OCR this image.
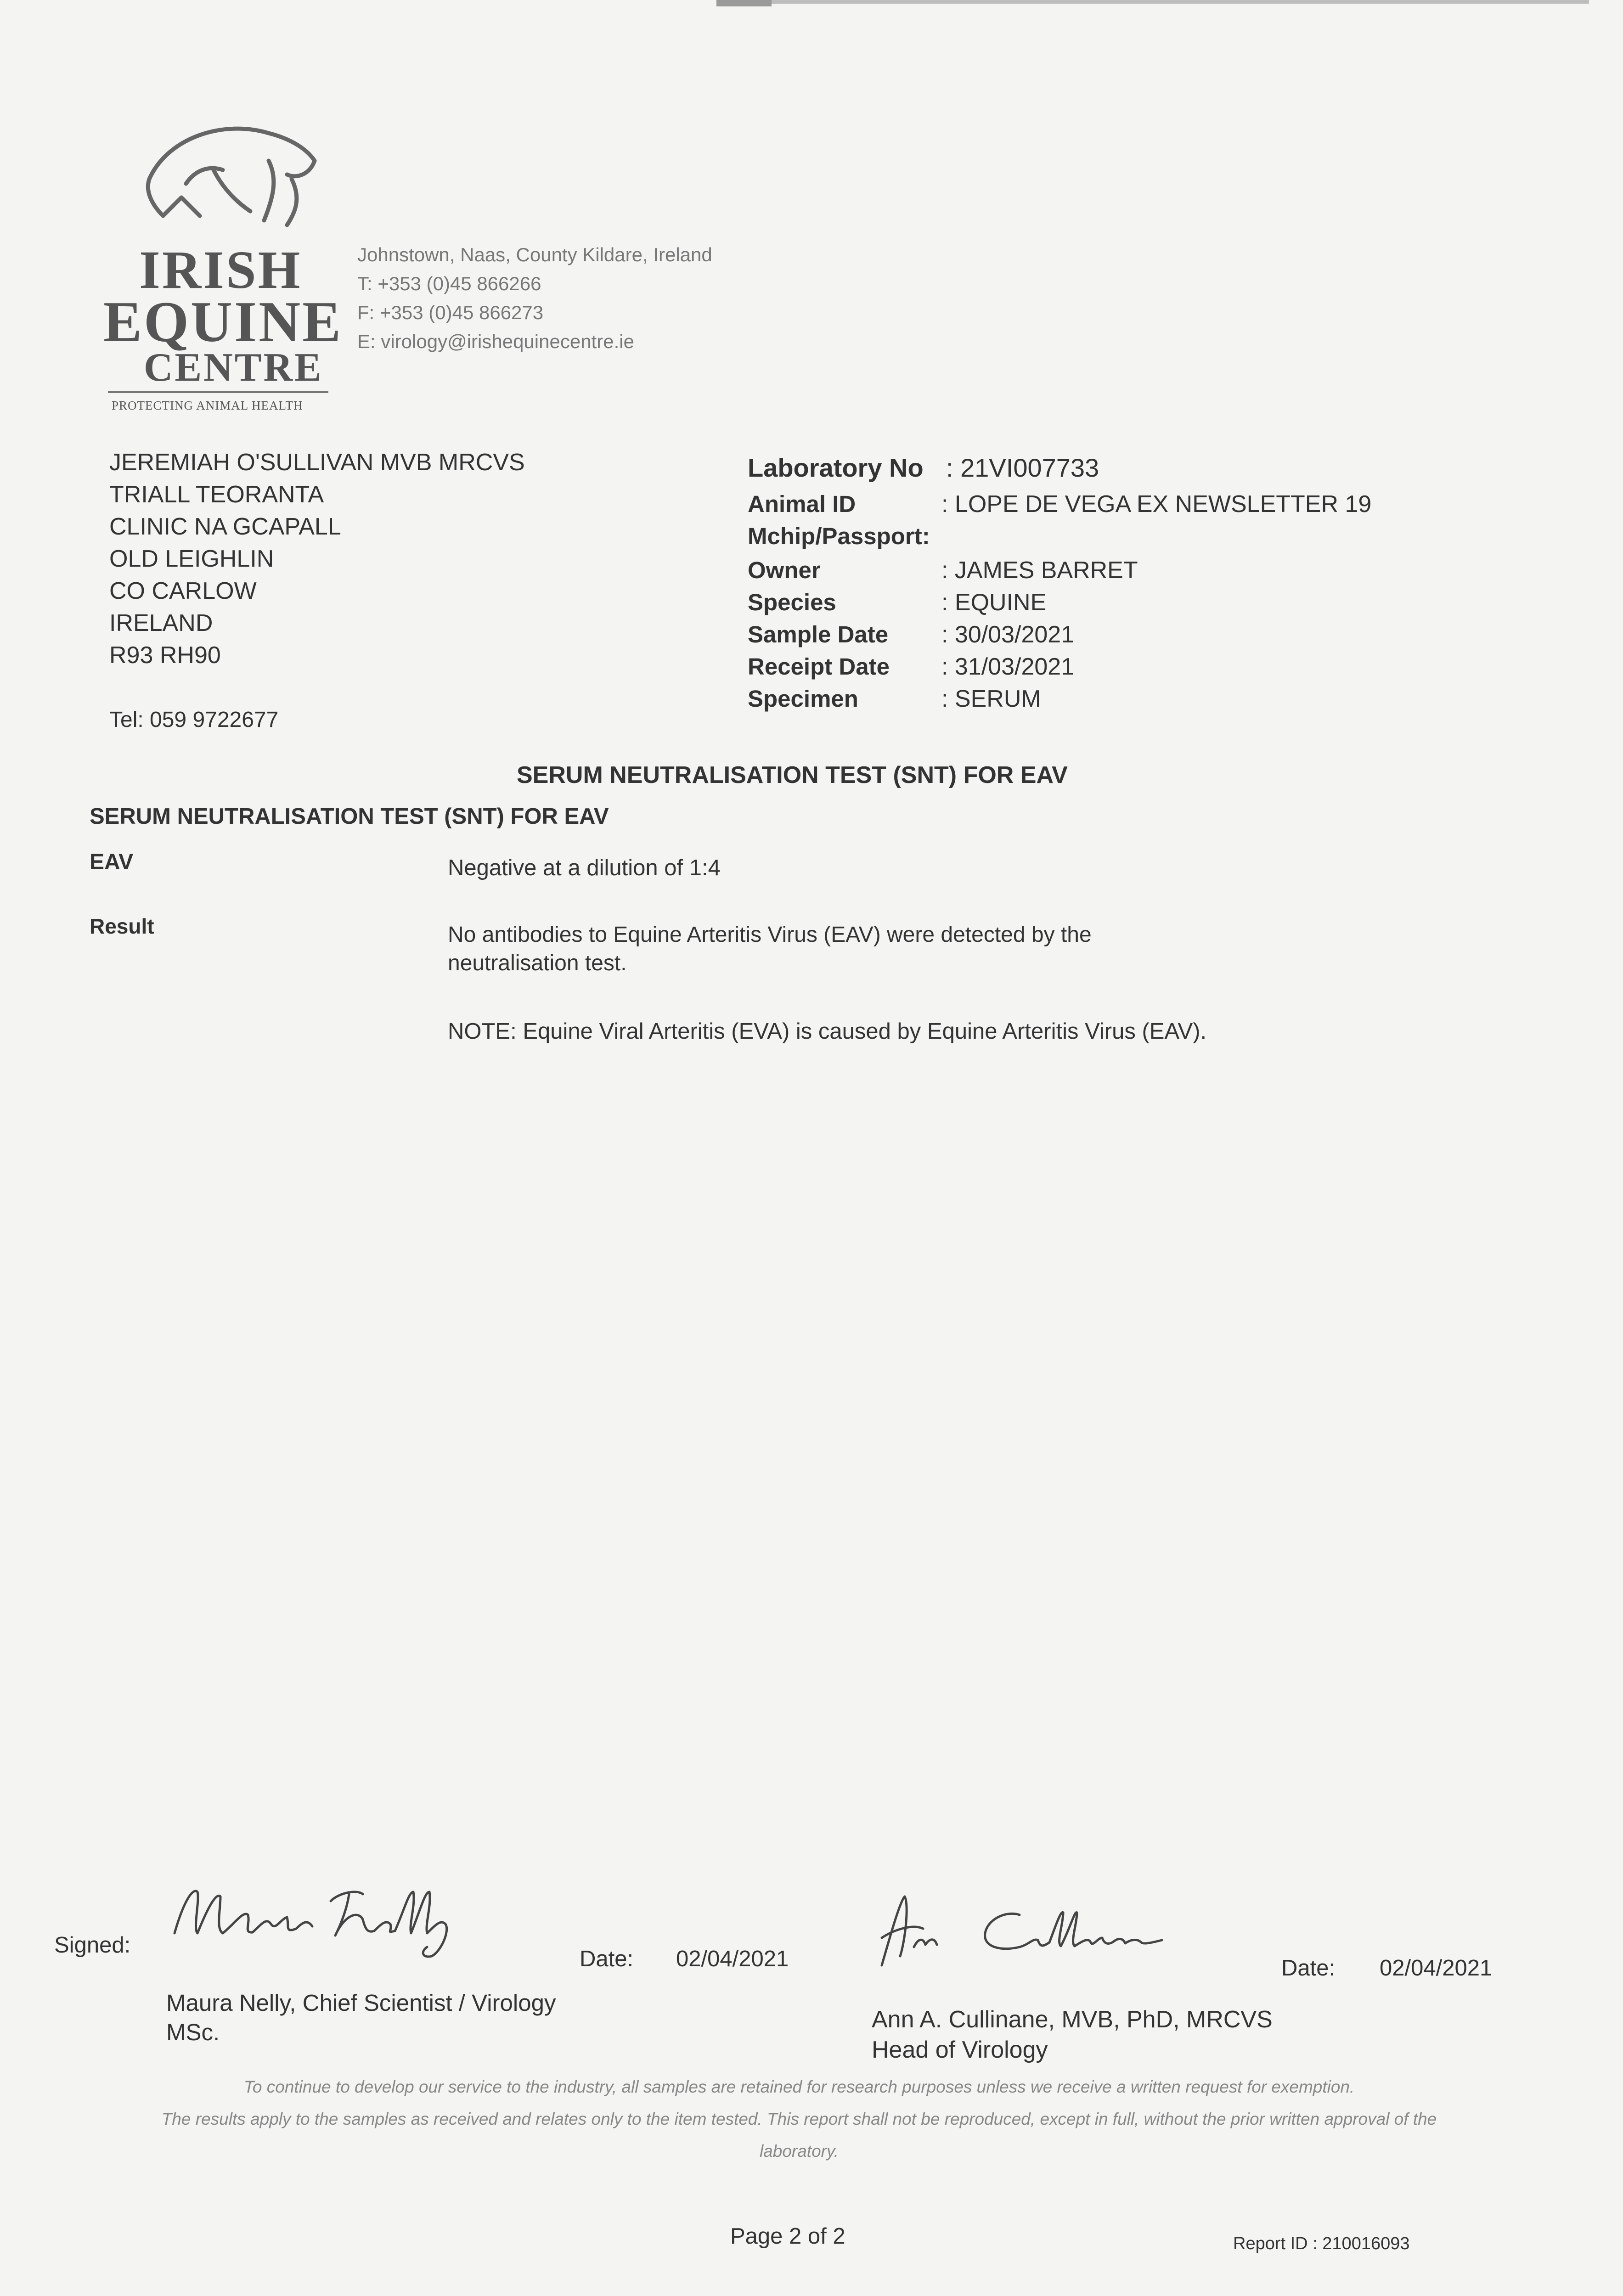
IRISH
EQUINE
CENTRE
PROTECTING ANIMAL HEALTH
Johnstown, Naas, County Kildare, Ireland
T: +353 (0)45 866266
F: +353 (0)45 866273
E: virology@irishequinecentre.ie
JEREMIAH O'SULLIVAN MVB MRCVS
TRIALL TEORANTA
CLINIC NA GCAPALL
OLD LEIGHLIN
CO CARLOW
IRELAND
R93 RH90
Tel: 059 9722677
Laboratory No : 21VI007733
Animal ID	: LOPE DE VEGA EX NEWSLETTER 19
Mchip/Passport:
Owner	: JAMES BARRET
Species	: EQUINE
Sample Date : 30/03/2021
Receipt Date : 31/03/2021
Specimen	: SERUM
SERUM NEUTRALISATION TEST (SNT) FOR EAV
SERUM NEUTRALISATION TEST (SNT) FOR EAV
EAV	Negative at a dilution of 1:4
Result	No antibodies to Equine Arteritis Virus (EAV) were detected by the neutralisation test.
NOTE: Equine Viral Arteritis (EVA) is caused by Equine Arteritis Virus (EAV).
Signed:
Date: 02/04/2021	Date: 02/04/2021
Maura Nelly, Chief Scientist / Virology
MSc.	Ann A. Cullinane, MVB, PhD, MRCVS
Head of Virology
To continue to develop our service to the industry, all samples are retained for research purposes unless we receive a written request for exemption.
The results apply to the samples as received and relates only to the item tested. This report shall not be reproduced, except in full, without the prior written approval of the laboratory.
Page 2 of 2	Report ID : 210016093
